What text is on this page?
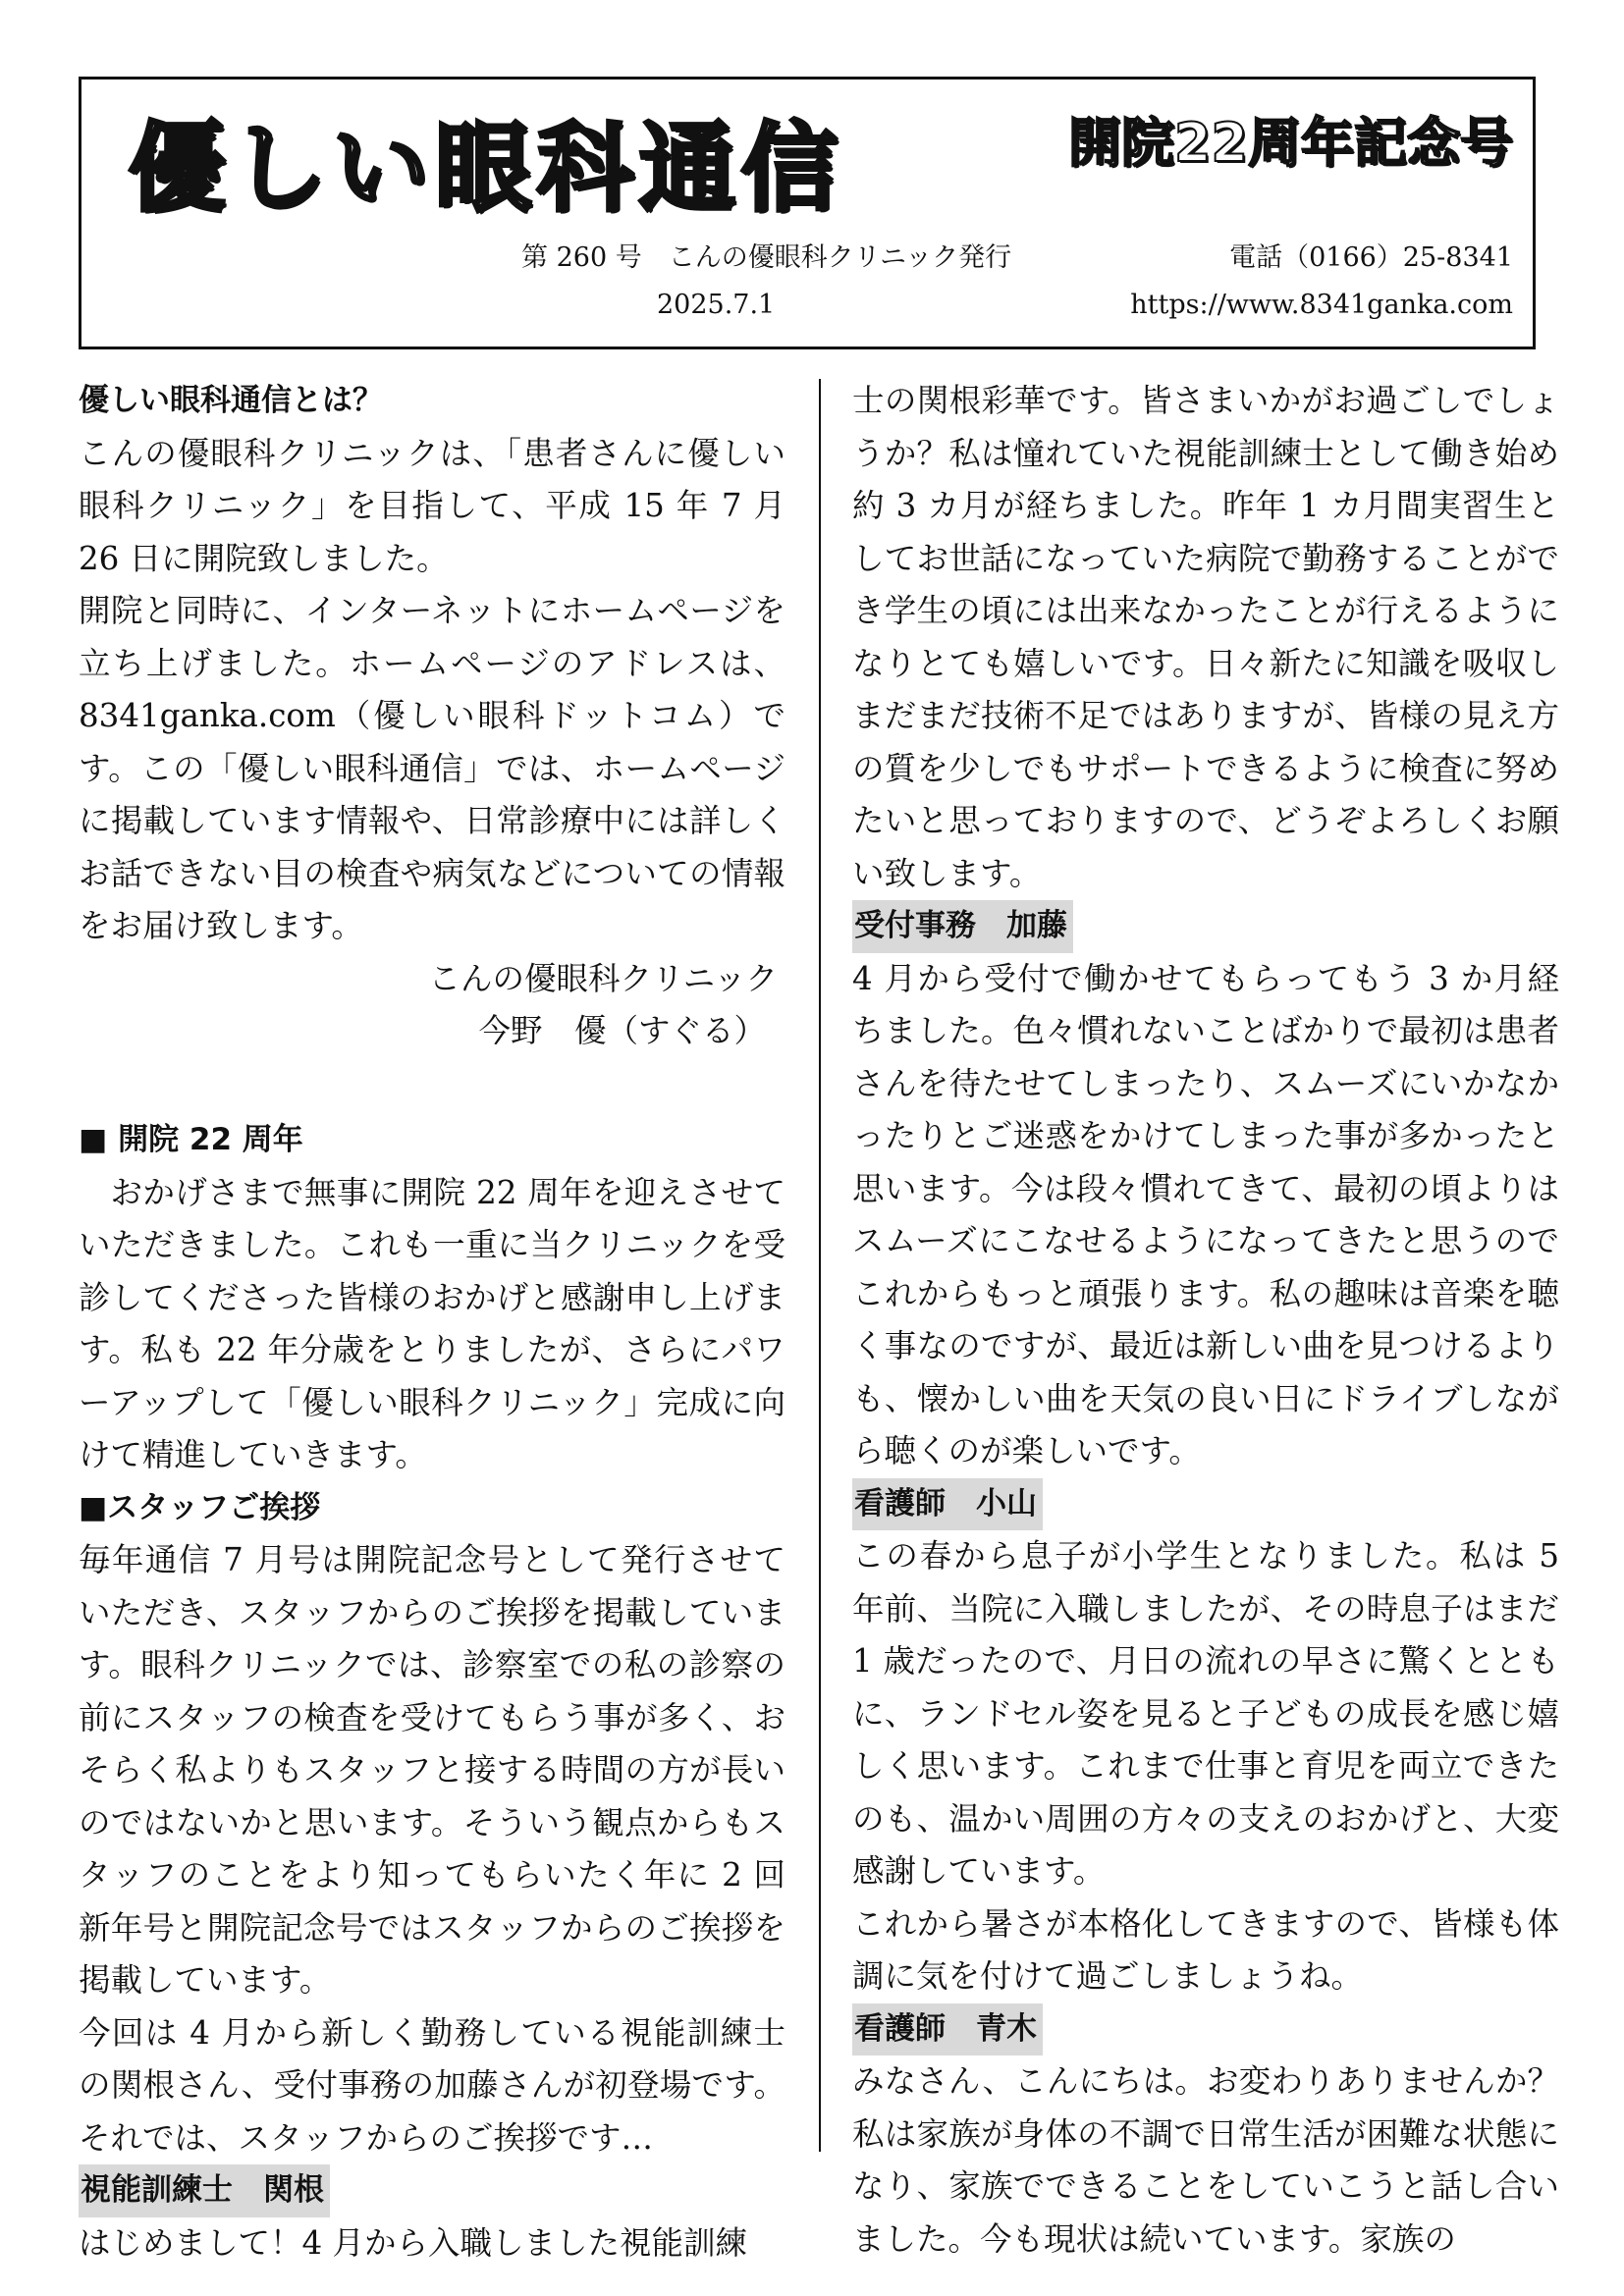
優しい眼科通信	開院22周年記念号
第 260 号　こんの優眼科クリニック発行	電話（0166）25-8341
2025.7.1	https://www.8341ganka.com

優しい眼科通信とは？

こんの優眼科クリニックは、「患者さんに優しい眼科クリニック」を目指して、平成 15 年 7 月 26 日に開院致しました。

開院と同時に、インターネットにホームページを立ち上げました。ホームページのアドレスは、8341ganka.com（優しい眼科ドットコム）です。この「優しい眼科通信」では、ホームページに掲載しています情報や、日常診療中には詳しくお話できない目の検査や病気などについての情報をお届け致します。

こんの優眼科クリニック

今野　優（すぐる）

■ 開院 22 周年

おかげさまで無事に開院 22 周年を迎えさせていただきました。これも一重に当クリニックを受診してくださった皆様のおかげと感謝申し上げます。私も 22 年分歳をとりましたが、さらにパワーアップして「優しい眼科クリニック」完成に向けて精進していきます。

■スタッフご挨拶

毎年通信 7 月号は開院記念号として発行させていただき、スタッフからのご挨拶を掲載しています。眼科クリニックでは、診察室での私の診察の前にスタッフの検査を受けてもらう事が多く、おそらく私よりもスタッフと接する時間の方が長いのではないかと思います。そういう観点からもスタッフのことをより知ってもらいたく年に 2 回新年号と開院記念号ではスタッフからのご挨拶を掲載しています。

今回は 4 月から新しく勤務している視能訓練士の関根さん、受付事務の加藤さんが初登場です。それでは、スタッフからのご挨拶です…

視能訓練士　関根

はじめまして！4 月から入職しました視能訓練

士の関根彩華です。皆さまいかがお過ごしでしょうか？私は憧れていた視能訓練士として働き始め約 3 カ月が経ちました。昨年 1 カ月間実習生としてお世話になっていた病院で勤務することができ学生の頃には出来なかったことが行えるようになりとても嬉しいです。日々新たに知識を吸収しまだまだ技術不足ではありますが、皆様の見え方の質を少しでもサポートできるように検査に努めたいと思っておりますので、どうぞよろしくお願い致します。

受付事務　加藤

4 月から受付で働かせてもらってもう 3 か月経ちました。色々慣れないことばかりで最初は患者さんを待たせてしまったり、スムーズにいかなかったりとご迷惑をかけてしまった事が多かったと思います。今は段々慣れてきて、最初の頃よりはスムーズにこなせるようになってきたと思うのでこれからもっと頑張ります。私の趣味は音楽を聴く事なのですが、最近は新しい曲を見つけるよりも、懐かしい曲を天気の良い日にドライブしながら聴くのが楽しいです。

看護師　小山

この春から息子が小学生となりました。私は 5 年前、当院に入職しましたが、その時息子はまだ 1 歳だったので、月日の流れの早さに驚くとともに、ランドセル姿を見ると子どもの成長を感じ嬉しく思います。これまで仕事と育児を両立できたのも、温かい周囲の方々の支えのおかげと、大変感謝しています。

これから暑さが本格化してきますので、皆様も体調に気を付けて過ごしましょうね。

看護師　青木

みなさん、こんにちは。お変わりありませんか？私は家族が身体の不調で日常生活が困難な状態になり、家族でできることをしていこうと話し合いました。今も現状は続いています。家族の
